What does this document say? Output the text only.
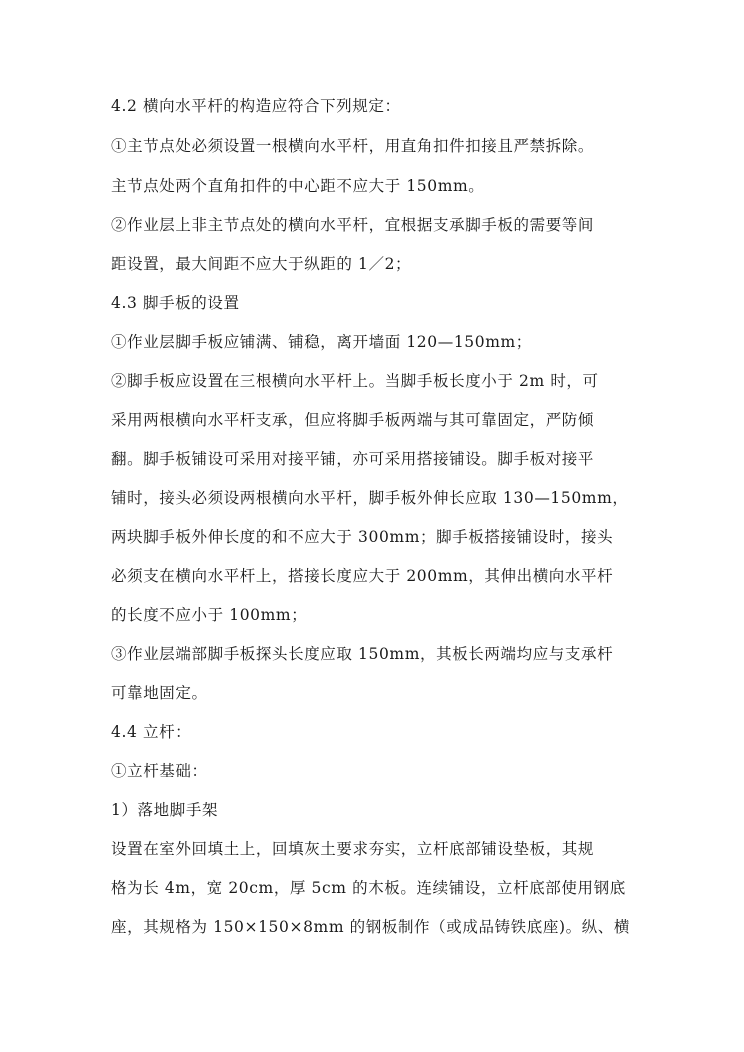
4.2 横向水平杆的构造应符合下列规定：
①主节点处必须设置一根横向水平杆，用直角扣件扣接且严禁拆除。
主节点处两个直角扣件的中心距不应大于 150mm。
②作业层上非主节点处的横向水平杆，宜根据支承脚手板的需要等间
距设置，最大间距不应大于纵距的 1／2；
4.3 脚手板的设置
①作业层脚手板应铺满、铺稳，离开墙面 120—150mm；
②脚手板应设置在三根横向水平杆上。当脚手板长度小于 2m 时，可
采用两根横向水平杆支承，但应将脚手板两端与其可靠固定，严防倾
翻。脚手板铺设可采用对接平铺，亦可采用搭接铺设。脚手板对接平
铺时，接头必须设两根横向水平杆，脚手板外伸长应取 130—150mm，
两块脚手板外伸长度的和不应大于 300mm；脚手板搭接铺设时，接头
必须支在横向水平杆上，搭接长度应大于 200mm，其伸出横向水平杆
的长度不应小于 100mm；
③作业层端部脚手板探头长度应取 150mm，其板长两端均应与支承杆
可靠地固定。
4.4 立杆：
①立杆基础：
1）落地脚手架
设置在室外回填土上，回填灰土要求夯实，立杆底部铺设垫板，其规
格为长 4m，宽 20cm，厚 5cm 的木板。连续铺设，立杆底部使用钢底
座，其规格为 150×150×8mm 的钢板制作（或成品铸铁底座)。纵、横
